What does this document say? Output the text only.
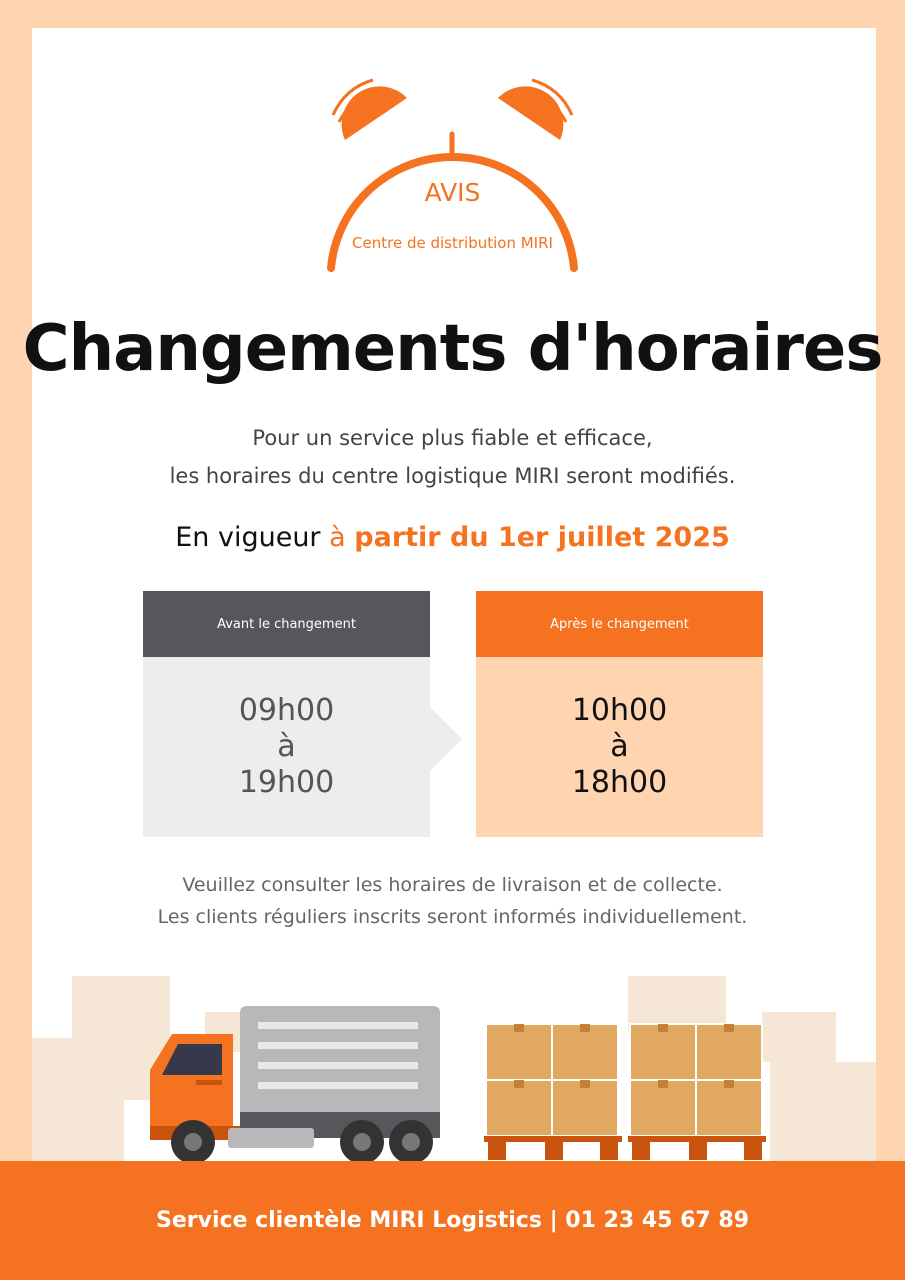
AVIS
Centre de distribution MIRI
Changements d'horaires
Pour un service plus fiable et efficace,
les horaires du centre logistique MIRI seront modifiés.
En vigueur à partir du 1er juillet 2025
Avant le changement
09h00
à
19h00
Après le changement
10h00
à
18h00
Veuillez consulter les horaires de livraison et de collecte.
Les clients réguliers inscrits seront informés individuellement.
Service clientèle MIRI Logistics | 01 23 45 67 89
